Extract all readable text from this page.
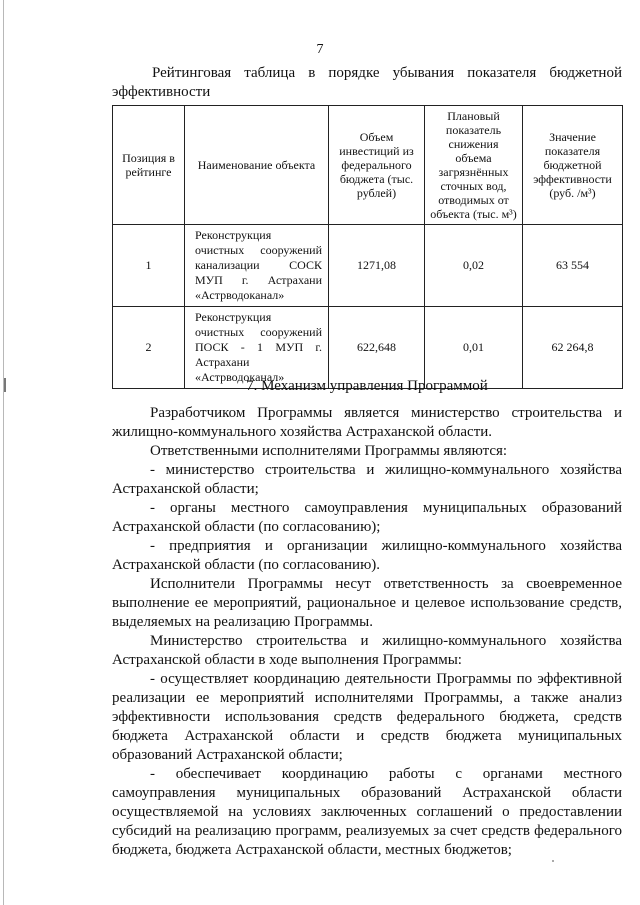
7
Рейтинговая таблица в порядке убывания показателя бюджетной эффективности
Позиция в рейтинге	Наименование объекта	Объем инвестиций из федерального бюджета (тыс. рублей)	Плановый показатель снижения объема загрязнённых сточных вод, отводимых от объекта (тыс. м³)	Значение показателя бюджетной эффективности (руб. /м³)
1	Реконструкция очистных сооружений канализации СОСК МУП г. Астрахани «Астрводоканал»	1271,08	0,02	63 554
2	Реконструкция очистных сооружений ПОСК - 1 МУП г. Астрахани «Астрводоканал»	622,648	0,01	62 264,8
7. Механизм управления Программой

Разработчиком Программы является министерство строительства и жилищно-коммунального хозяйства Астраханской области.

Ответственными исполнителями Программы являются:

- министерство строительства и жилищно-коммунального хозяйства Астраханской области;

- органы местного самоуправления муниципальных образований Астраханской области (по согласованию);

- предприятия и организации жилищно-коммунального хозяйства Астраханской области (по согласованию).

Исполнители Программы несут ответственность за своевременное выполнение ее мероприятий, рациональное и целевое использование средств, выделяемых на реализацию Программы.

Министерство строительства и жилищно-коммунального хозяйства Астраханской области в ходе выполнения Программы:

- осуществляет координацию деятельности Программы по эффективной реализации ее мероприятий исполнителями Программы, а также анализ эффективности использования средств федерального бюджета, средств бюджета Астраханской области и средств бюджета муниципальных образований Астраханской области;

- обеспечивает координацию работы с органами местного самоуправления муниципальных образований Астраханской области осуществляемой на условиях заключенных соглашений о предоставлении субсидий на реализацию программ, реализуемых за счет средств федерального бюджета, бюджета Астраханской области, местных бюджетов;
